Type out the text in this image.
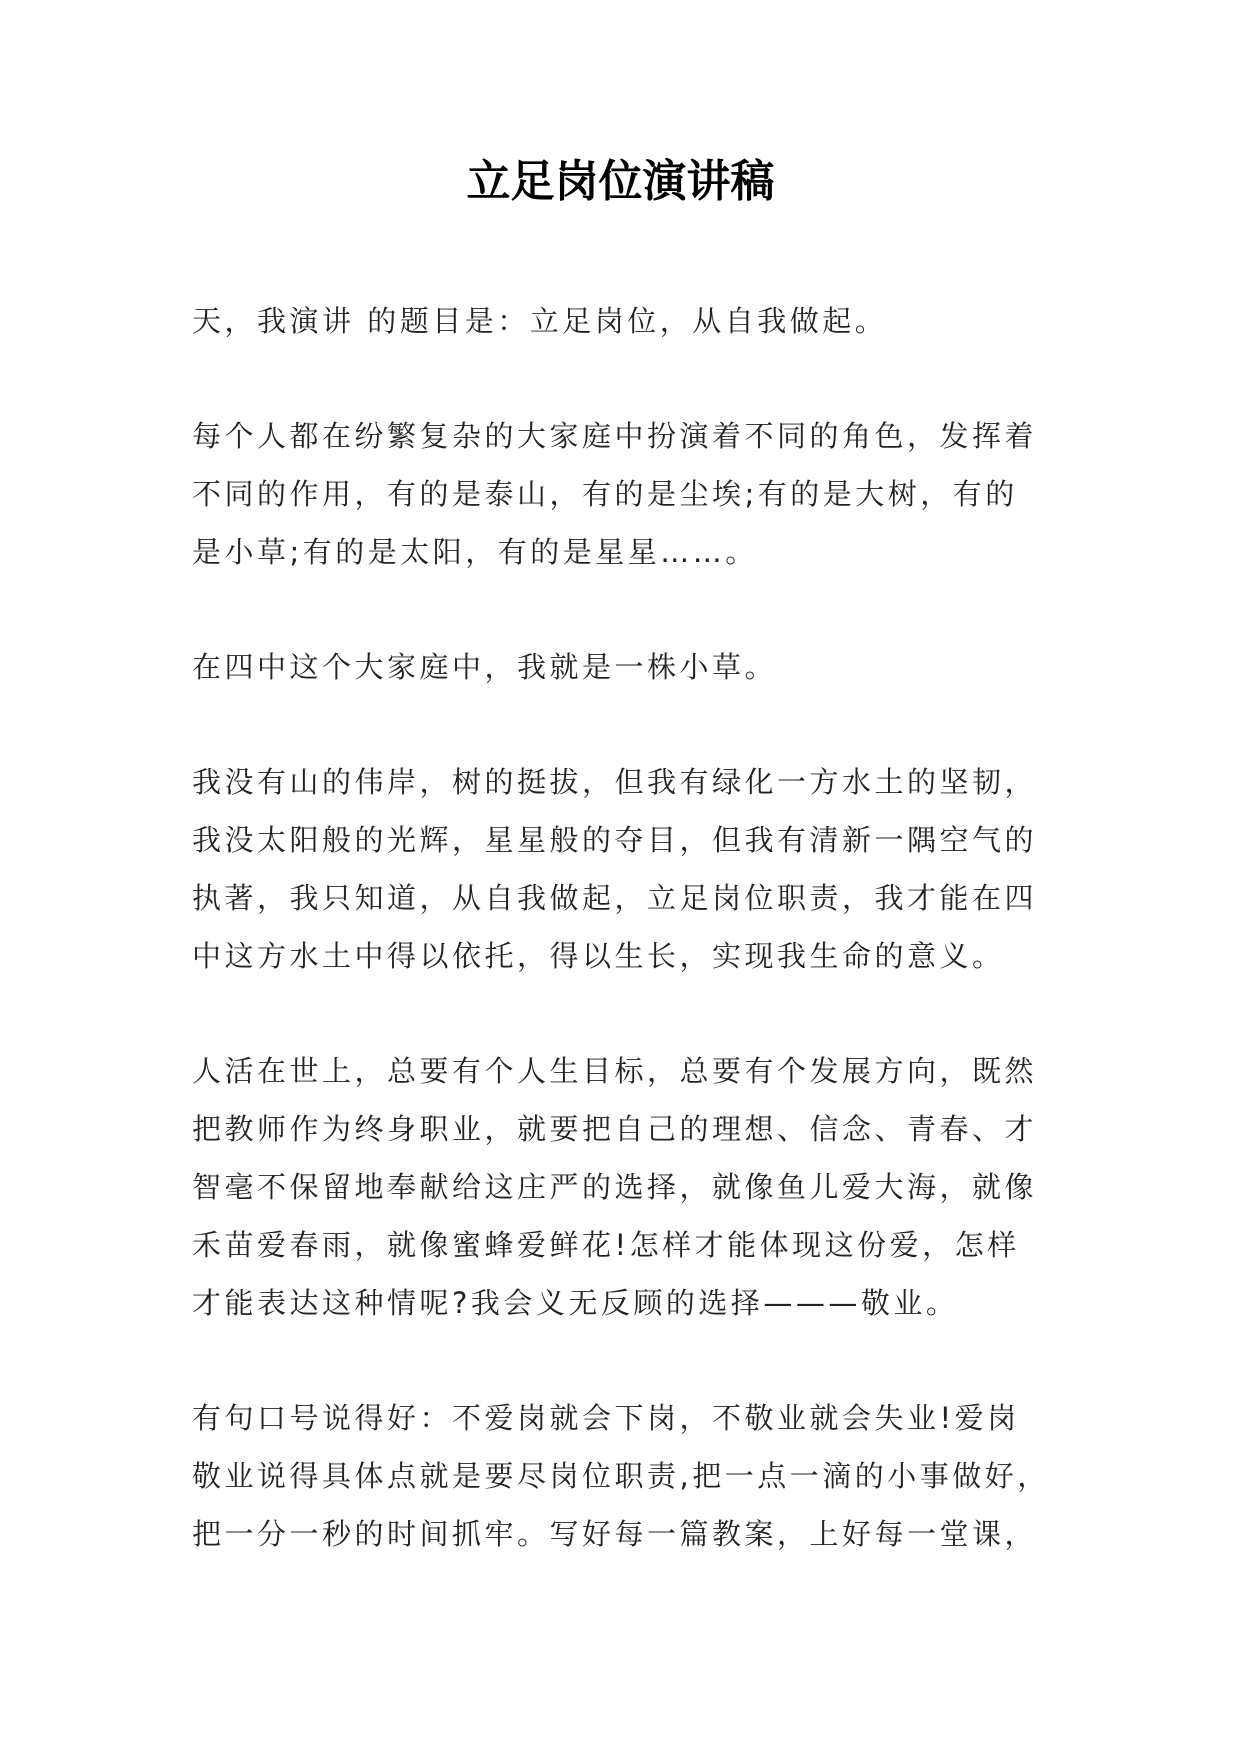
立足岗位演讲稿
天，我演讲 的题目是：立足岗位，从自我做起。
每个人都在纷繁复杂的大家庭中扮演着不同的角色，发挥着
不同的作用，有的是泰山，有的是尘埃;有的是大树，有的
是小草;有的是太阳，有的是星星……。
在四中这个大家庭中，我就是一株小草。
我没有山的伟岸，树的挺拔，但我有绿化一方水土的坚韧，
我没太阳般的光辉，星星般的夺目，但我有清新一隅空气的
执著，我只知道，从自我做起，立足岗位职责，我才能在四
中这方水土中得以依托，得以生长，实现我生命的意义。
人活在世上，总要有个人生目标，总要有个发展方向，既然
把教师作为终身职业，就要把自己的理想、信念、青春、才
智毫不保留地奉献给这庄严的选择，就像鱼儿爱大海，就像
禾苗爱春雨，就像蜜蜂爱鲜花!怎样才能体现这份爱，怎样
才能表达这种情呢?我会义无反顾的选择———敬业。
有句口号说得好：不爱岗就会下岗，不敬业就会失业!爱岗
敬业说得具体点就是要尽岗位职责,把一点一滴的小事做好，
把一分一秒的时间抓牢。写好每一篇教案，上好每一堂课，
